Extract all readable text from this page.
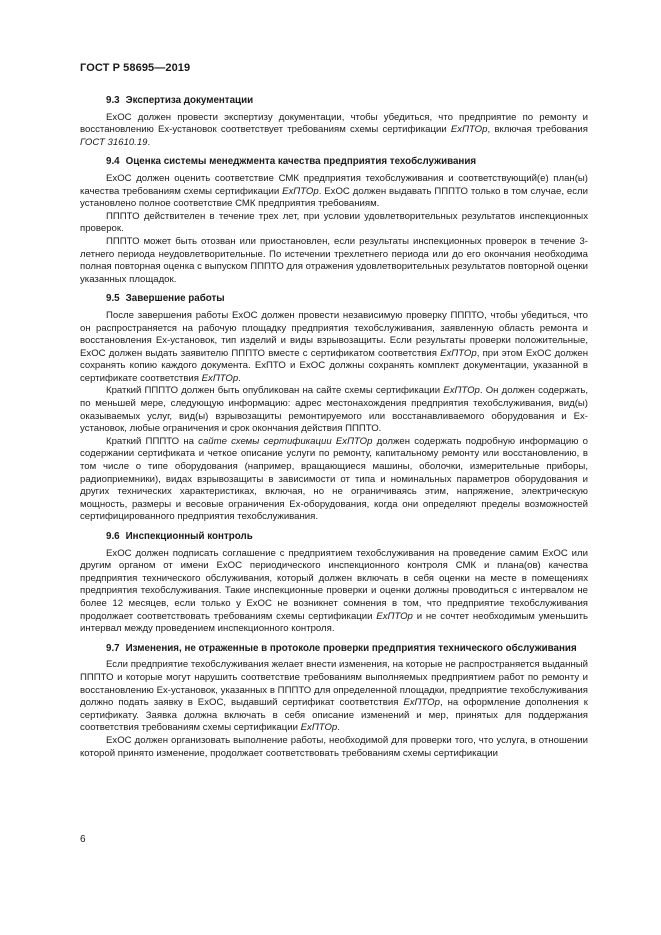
ГОСТ Р 58695—2019
9.3 Экспертиза документации

ExOC должен провести экспертизу документации, чтобы убедиться, что предприятие по ремонту и восстановлению Ex-установок соответствует требованиям схемы сертификации ExПТОр, включая требования ГОСТ 31610.19.

9.4 Оценка системы менеджмента качества предприятия техобслуживания

ExOC должен оценить соответствие СМК предприятия техобслуживания и соответствующий(е) план(ы) качества требованиям схемы сертификации ExПТОр. ExOC должен выдавать ПППТО только в том случае, если установлено полное соответствие СМК предприятия требованиям.

ПППТО действителен в течение трех лет, при условии удовлетворительных результатов инспекционных проверок.

ПППТО может быть отозван или приостановлен, если результаты инспекционных проверок в течение 3-летнего периода неудовлетворительные. По истечении трехлетнего периода или до его окончания необходима полная повторная оценка с выпуском ПППТО для отражения удовлетворительных результатов повторной оценки указанных площадок.

9.5 Завершение работы

После завершения работы ExOC должен провести независимую проверку ПППТО, чтобы убедиться, что он распространяется на рабочую площадку предприятия техобслуживания, заявленную область ремонта и восстановления Ex-установок, тип изделий и виды взрывозащиты. Если результаты проверки положительные, ExOC должен выдать заявителю ПППТО вместе с сертификатом соответствия ExПТОр, при этом ExOC должен сохранять копию каждого документа. ExПТО и ExOC должны сохранять комплект документации, указанной в сертификате соответствия ExПТОр.

Краткий ПППТО должен быть опубликован на сайте схемы сертификации ExПТОр. Он должен содержать, по меньшей мере, следующую информацию: адрес местонахождения предприятия техобслуживания, вид(ы) оказываемых услуг, вид(ы) взрывозащиты ремонтируемого или восстанавливаемого оборудования и Ex-установок, любые ограничения и срок окончания действия ПППТО.

Краткий ПППТО на сайте схемы сертификации ExПТОр должен содержать подробную информацию о содержании сертификата и четкое описание услуги по ремонту, капитальному ремонту или восстановлению, в том числе о типе оборудования (например, вращающиеся машины, оболочки, измерительные приборы, радиоприемники), видах взрывозащиты в зависимости от типа и номинальных параметров оборудования и других технических характеристиках, включая, но не ограничиваясь этим, напряжение, электрическую мощность, размеры и весовые ограничения Ex-оборудования, когда они определяют пределы возможностей сертифицированного предприятия техобслуживания.

9.6 Инспекционный контроль

ExOC должен подписать соглашение с предприятием техобслуживания на проведение самим ExOC или другим органом от имени ExOC периодического инспекционного контроля СМК и плана(ов) качества предприятия технического обслуживания, который должен включать в себя оценки на месте в помещениях предприятия техобслуживания. Такие инспекционные проверки и оценки должны проводиться с интервалом не более 12 месяцев, если только у ExOC не возникнет сомнения в том, что предприятие техобслуживания продолжает соответствовать требованиям схемы сертификации ExПТОр и не сочтет необходимым уменьшить интервал между проведением инспекционного контроля.

9.7 Изменения, не отраженные в протоколе проверки предприятия технического обслуживания

Если предприятие техобслуживания желает внести изменения, на которые не распространяется выданный ПППТО и которые могут нарушить соответствие требованиям выполняемых предприятием работ по ремонту и восстановлению Ex-установок, указанных в ПППТО для определенной площадки, предприятие техобслуживания должно подать заявку в ExOC, выдавший сертификат соответствия ExПТОр, на оформление дополнения к сертификату. Заявка должна включать в себя описание изменений и мер, принятых для поддержания соответствия требованиям схемы сертификации ExПТОр.

ExOC должен организовать выполнение работы, необходимой для проверки того, что услуга, в отношении которой принято изменение, продолжает соответствовать требованиям схемы сертификации

6
